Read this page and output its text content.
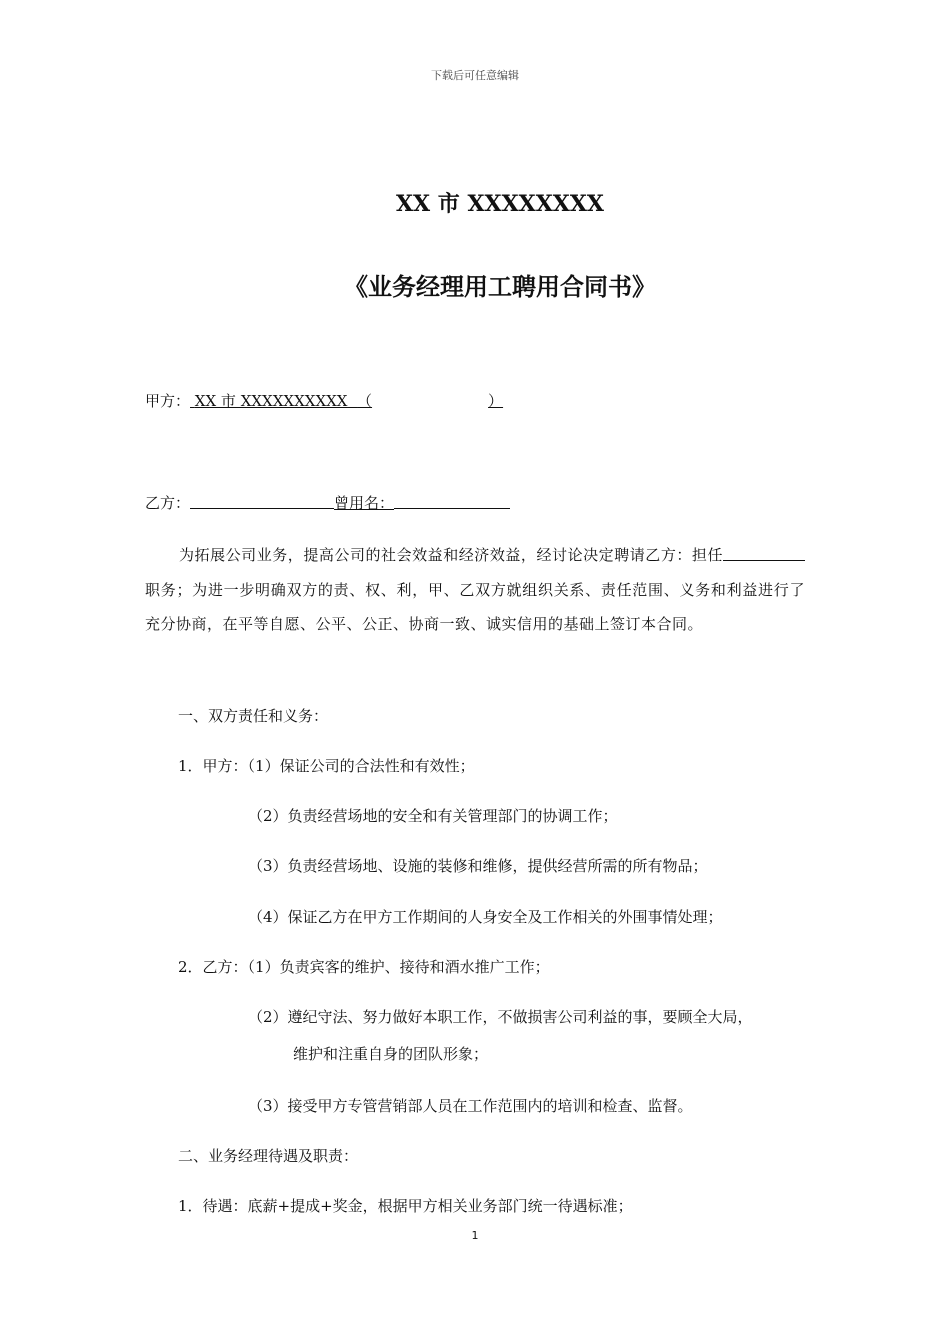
下载后可任意编辑
XX 市 XXXXXXXX
《业务经理用工聘用合同书》
甲方： XX 市 XXXXXXXXXX （	）
乙方：	曾用名：
为拓展公司业务，提高公司的社会效益和经济效益，经讨论决定聘请乙方：担任职务；为进一步明确双方的责、权、利，甲、乙双方就组织关系、责任范围、义务和利益进行了充分协商，在平等自愿、公平、公正、协商一致、诚实信用的基础上签订本合同。
一、双方责任和义务：
1．甲方：（1）保证公司的合法性和有效性；
（2）负责经营场地的安全和有关管理部门的协调工作；
（3）负责经营场地、设施的装修和维修，提供经营所需的所有物品；
（4）保证乙方在甲方工作期间的人身安全及工作相关的外围事情处理；
2．乙方：（1）负责宾客的维护、接待和酒水推广工作；
（2）遵纪守法、努力做好本职工作，不做损害公司利益的事，要顾全大局，
维护和注重自身的团队形象；
（3）接受甲方专管营销部人员在工作范围内的培训和检查、监督。
二、业务经理待遇及职责：
1．待遇：底薪+提成+奖金，根据甲方相关业务部门统一待遇标准；
1
